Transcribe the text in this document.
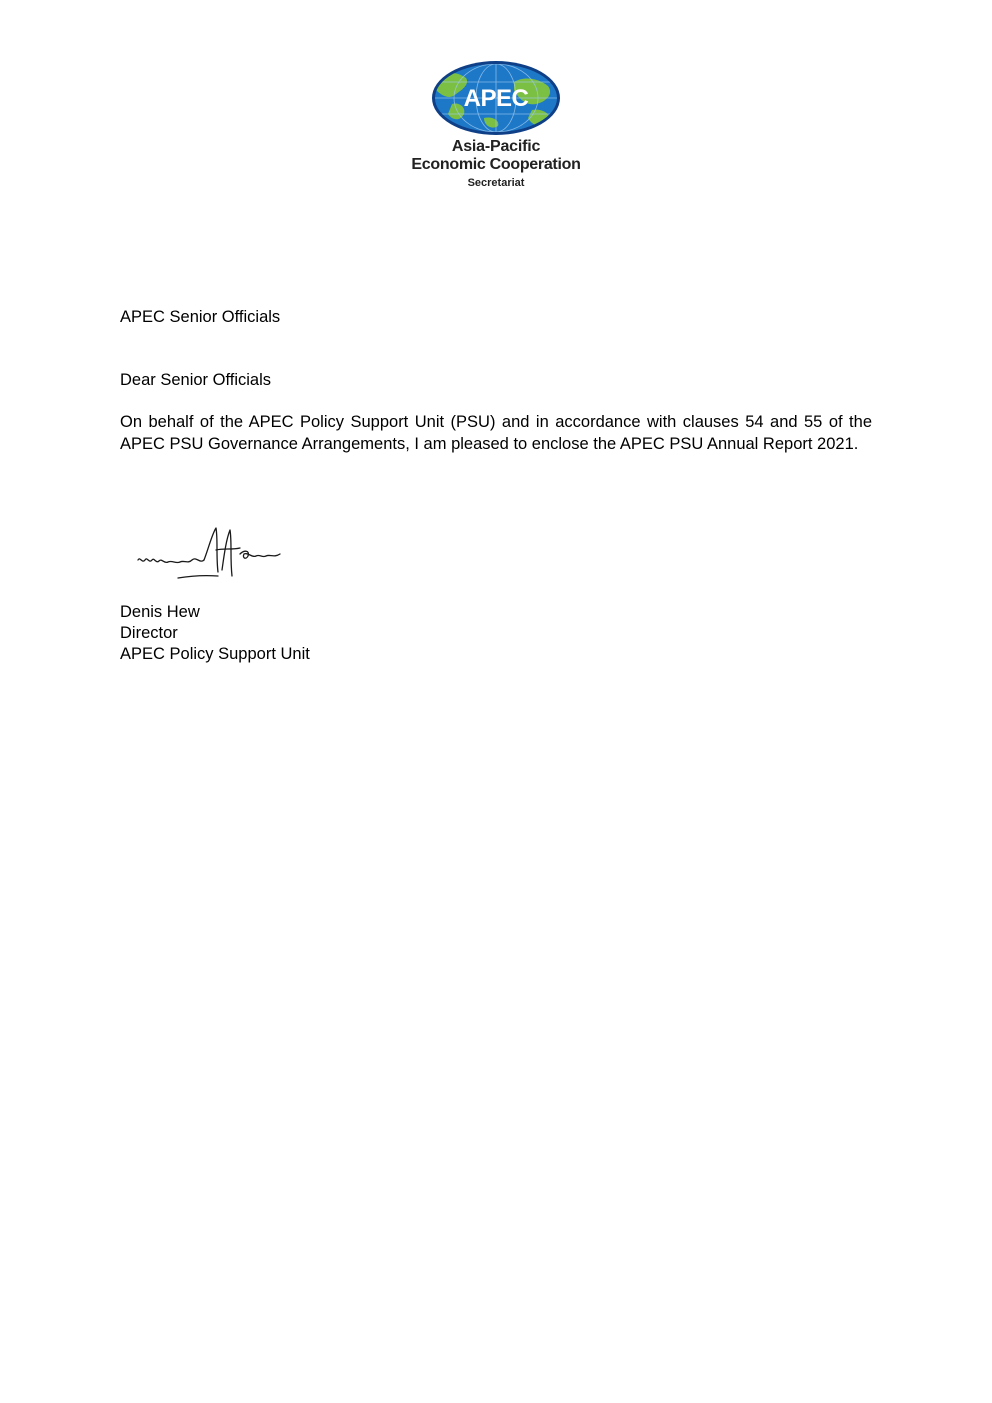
APEC
Asia-Pacific
Economic Cooperation
Secretariat
APEC Senior Officials
Dear Senior Officials
On behalf of the APEC Policy Support Unit (PSU) and in accordance with clauses 54 and 55 of the APEC PSU Governance Arrangements, I am pleased to enclose the APEC PSU Annual Report 2021.
Denis Hew
Director
APEC Policy Support Unit
